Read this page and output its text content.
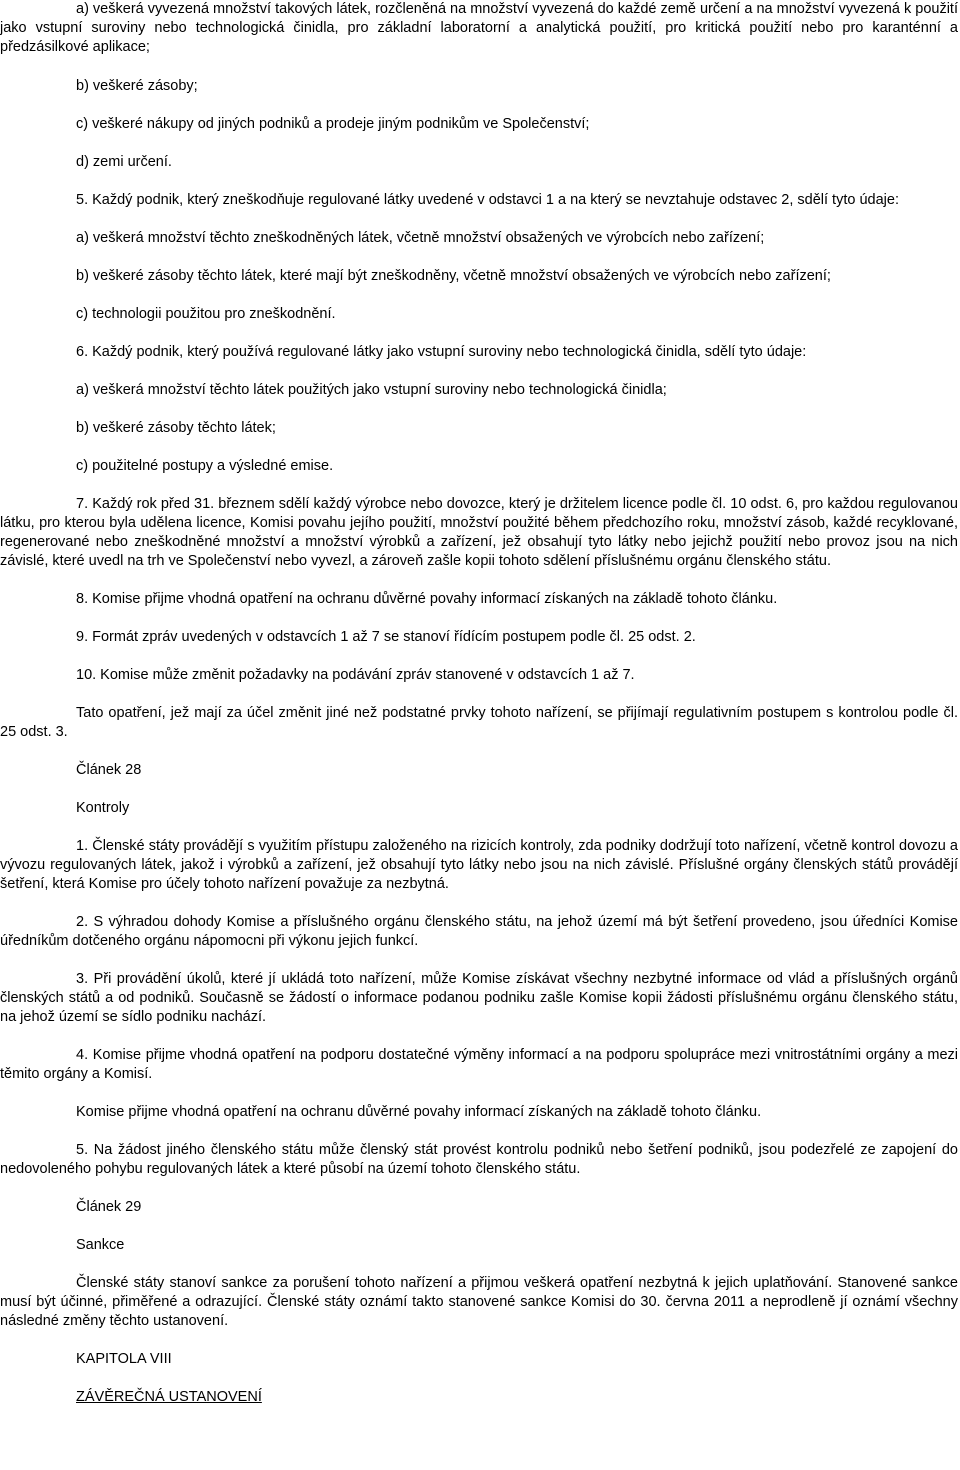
a) veškerá vyvezená množství takových látek, rozčleněná na množství vyvezená do každé země určení a na množství vyvezená k použití jako vstupní suroviny nebo technologická činidla, pro základní laboratorní a analytická použití, pro kritická použití nebo pro karanténní a předzásilkové aplikace;

b) veškeré zásoby;

c) veškeré nákupy od jiných podniků a prodeje jiným podnikům ve Společenství;

d) zemi určení.

5. Každý podnik, který zneškodňuje regulované látky uvedené v odstavci 1 a na který se nevztahuje odstavec 2, sdělí tyto údaje:

a) veškerá množství těchto zneškodněných látek, včetně množství obsažených ve výrobcích nebo zařízení;

b) veškeré zásoby těchto látek, které mají být zneškodněny, včetně množství obsažených ve výrobcích nebo zařízení;

c) technologii použitou pro zneškodnění.

6. Každý podnik, který používá regulované látky jako vstupní suroviny nebo technologická činidla, sdělí tyto údaje:

a) veškerá množství těchto látek použitých jako vstupní suroviny nebo technologická činidla;

b) veškeré zásoby těchto látek;

c) použitelné postupy a výsledné emise.

7. Každý rok před 31. březnem sdělí každý výrobce nebo dovozce, který je držitelem licence podle čl. 10 odst. 6, pro každou regulovanou látku, pro kterou byla udělena licence, Komisi povahu jejího použití, množství použité během předchozího roku, množství zásob, každé recyklované, regenerované nebo zneškodněné množství a množství výrobků a zařízení, jež obsahují tyto látky nebo jejichž použití nebo provoz jsou na nich závislé, které uvedl na trh ve Společenství nebo vyvezl, a zároveň zašle kopii tohoto sdělení příslušnému orgánu členského státu.

8. Komise přijme vhodná opatření na ochranu důvěrné povahy informací získaných na základě tohoto článku.

9. Formát zpráv uvedených v odstavcích 1 až 7 se stanoví řídícím postupem podle čl. 25 odst. 2.

10. Komise může změnit požadavky na podávání zpráv stanovené v odstavcích 1 až 7.

Tato opatření, jež mají za účel změnit jiné než podstatné prvky tohoto nařízení, se přijímají regulativním postupem s kontrolou podle čl. 25 odst. 3.

Článek 28

Kontroly

1. Členské státy provádějí s využitím přístupu založeného na rizicích kontroly, zda podniky dodržují toto nařízení, včetně kontrol dovozu a vývozu regulovaných látek, jakož i výrobků a zařízení, jež obsahují tyto látky nebo jsou na nich závislé. Příslušné orgány členských států provádějí šetření, která Komise pro účely tohoto nařízení považuje za nezbytná.

2. S výhradou dohody Komise a příslušného orgánu členského státu, na jehož území má být šetření provedeno, jsou úředníci Komise úředníkům dotčeného orgánu nápomocni při výkonu jejich funkcí.

3. Při provádění úkolů, které jí ukládá toto nařízení, může Komise získávat všechny nezbytné informace od vlád a příslušných orgánů členských států a od podniků. Současně se žádostí o informace podanou podniku zašle Komise kopii žádosti příslušnému orgánu členského státu, na jehož území se sídlo podniku nachází.

4. Komise přijme vhodná opatření na podporu dostatečné výměny informací a na podporu spolupráce mezi vnitrostátními orgány a mezi těmito orgány a Komisí.

Komise přijme vhodná opatření na ochranu důvěrné povahy informací získaných na základě tohoto článku.

5. Na žádost jiného členského státu může členský stát provést kontrolu podniků nebo šetření podniků, jsou podezřelé ze zapojení do nedovoleného pohybu regulovaných látek a které působí na území tohoto členského státu.

Článek 29

Sankce

Členské státy stanoví sankce za porušení tohoto nařízení a přijmou veškerá opatření nezbytná k jejich uplatňování. Stanovené sankce musí být účinné, přiměřené a odrazující. Členské státy oznámí takto stanovené sankce Komisi do 30. června 2011 a neprodleně jí oznámí všechny následné změny těchto ustanovení.

KAPITOLA VIII

ZÁVĚREČNÁ USTANOVENÍ
